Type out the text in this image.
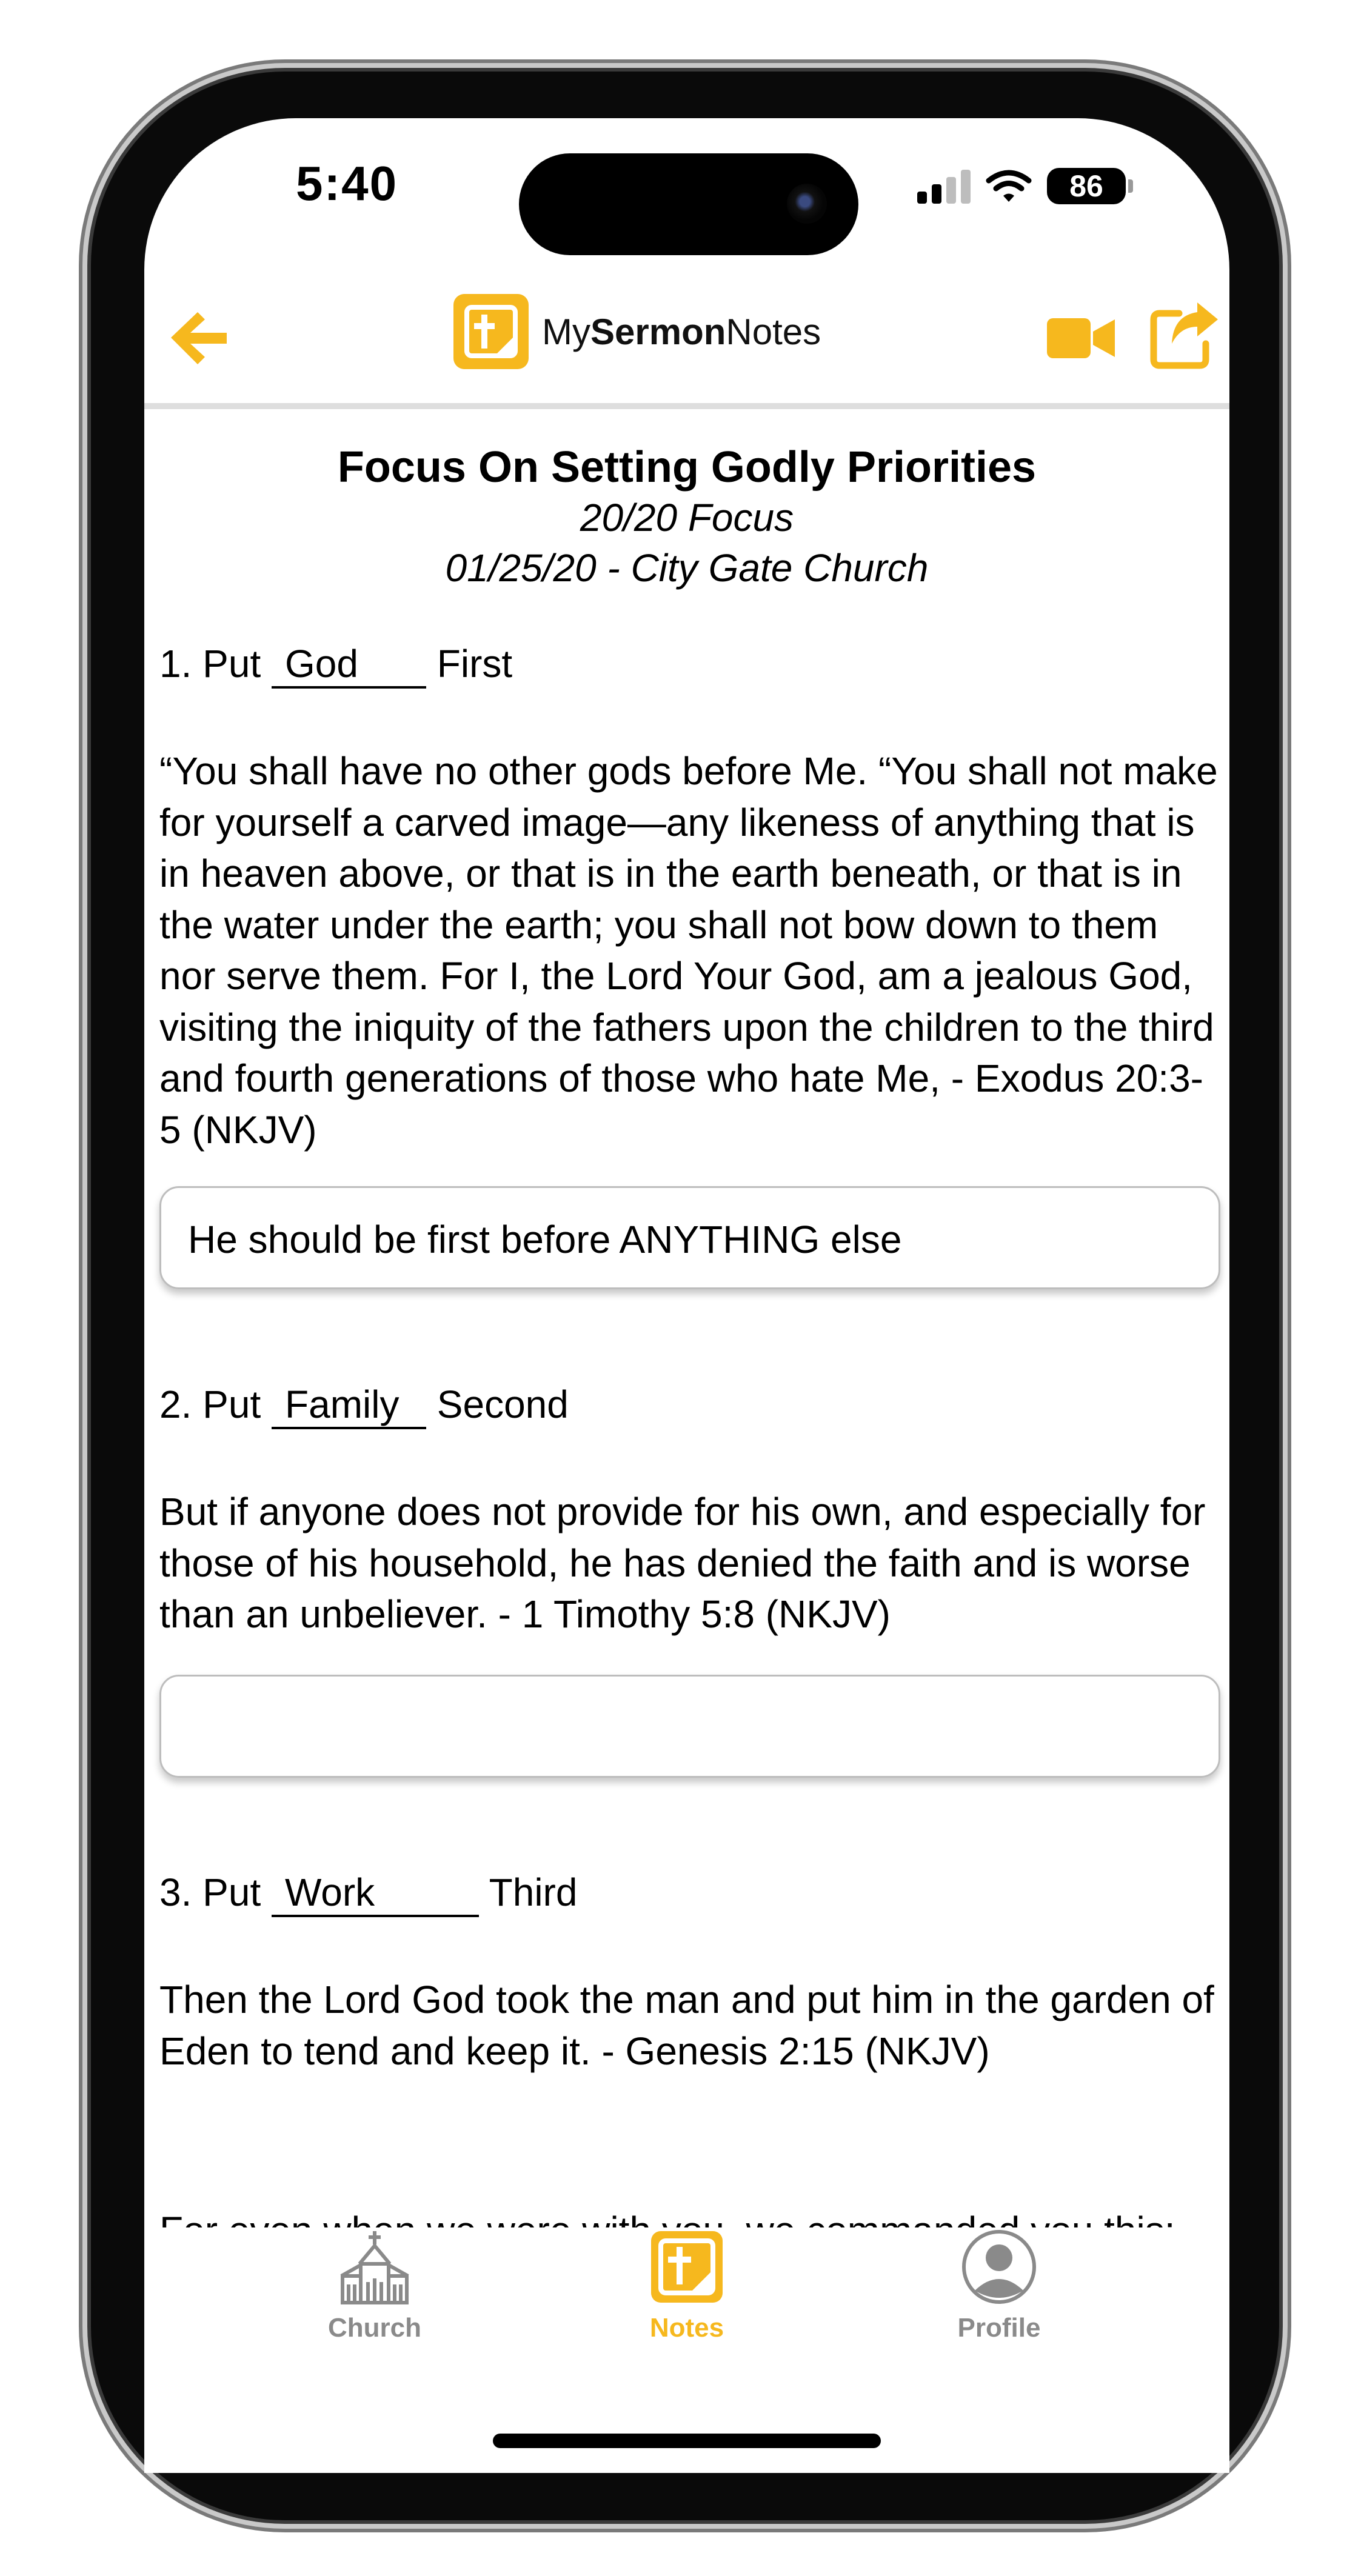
5:40	86
MySermonNotes
Focus On Setting Godly Priorities
20/20 Focus
01/25/20 - City Gate Church
1. Put God First
“You shall have no other gods before Me. “You shall not make for yourself a carved image—any likeness of anything that is in heaven above, or that is in the earth beneath, or that is in the water under the earth; you shall not bow down to them nor serve them. For I, the Lord Your God, am a jealous God, visiting the iniquity of the fathers upon the children to the third and fourth generations of those who hate Me, - Exodus 20:3-5 (NKJV)
He should be first before ANYTHING else
2. Put Family Second
But if anyone does not provide for his own, and especially for those of his household, he has denied the faith and is worse than an unbeliever. - 1 Timothy 5:8 (NKJV)
3. Put Work	Third
Then the Lord God took the man and put him in the garden of Eden to tend and keep it. - Genesis 2:15 (NKJV)
Church	Notes	Profile
